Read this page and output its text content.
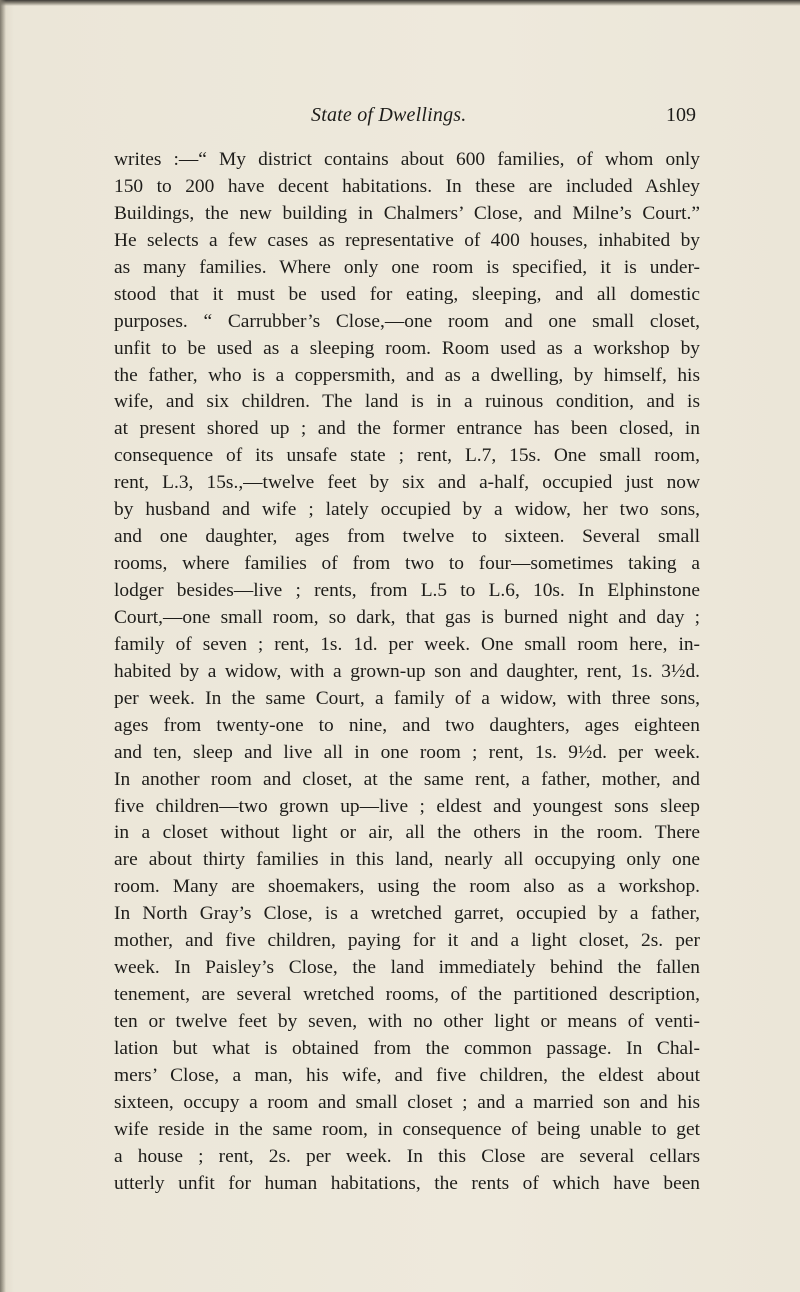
State of Dwellings.	109
writes :—“ My district contains about 600 families, of whom only
150 to 200 have decent habitations. In these are included Ashley
Buildings, the new building in Chalmers’ Close, and Milne’s Court.”
He selects a few cases as representative of 400 houses, inhabited by
as many families. Where only one room is specified, it is under-
stood that it must be used for eating, sleeping, and all domestic
purposes. “ Carrubber’s Close,—one room and one small closet,
unfit to be used as a sleeping room. Room used as a workshop by
the father, who is a coppersmith, and as a dwelling, by himself, his
wife, and six children. The land is in a ruinous condition, and is
at present shored up ; and the former entrance has been closed, in
consequence of its unsafe state ; rent, L.7, 15s. One small room,
rent, L.3, 15s.,—twelve feet by six and a-half, occupied just now
by husband and wife ; lately occupied by a widow, her two sons,
and one daughter, ages from twelve to sixteen. Several small
rooms, where families of from two to four—sometimes taking a
lodger besides—live ; rents, from L.5 to L.6, 10s. In Elphinstone
Court,—one small room, so dark, that gas is burned night and day ;
family of seven ; rent, 1s. 1d. per week. One small room here, in-
habited by a widow, with a grown-up son and daughter, rent, 1s. 3½d.
per week. In the same Court, a family of a widow, with three sons,
ages from twenty-one to nine, and two daughters, ages eighteen
and ten, sleep and live all in one room ; rent, 1s. 9½d. per week.
In another room and closet, at the same rent, a father, mother, and
five children—two grown up—live ; eldest and youngest sons sleep
in a closet without light or air, all the others in the room. There
are about thirty families in this land, nearly all occupying only one
room. Many are shoemakers, using the room also as a workshop.
In North Gray’s Close, is a wretched garret, occupied by a father,
mother, and five children, paying for it and a light closet, 2s. per
week. In Paisley’s Close, the land immediately behind the fallen
tenement, are several wretched rooms, of the partitioned description,
ten or twelve feet by seven, with no other light or means of venti-
lation but what is obtained from the common passage. In Chal-
mers’ Close, a man, his wife, and five children, the eldest about
sixteen, occupy a room and small closet ; and a married son and his
wife reside in the same room, in consequence of being unable to get
a house ; rent, 2s. per week. In this Close are several cellars
utterly unfit for human habitations, the rents of which have been
